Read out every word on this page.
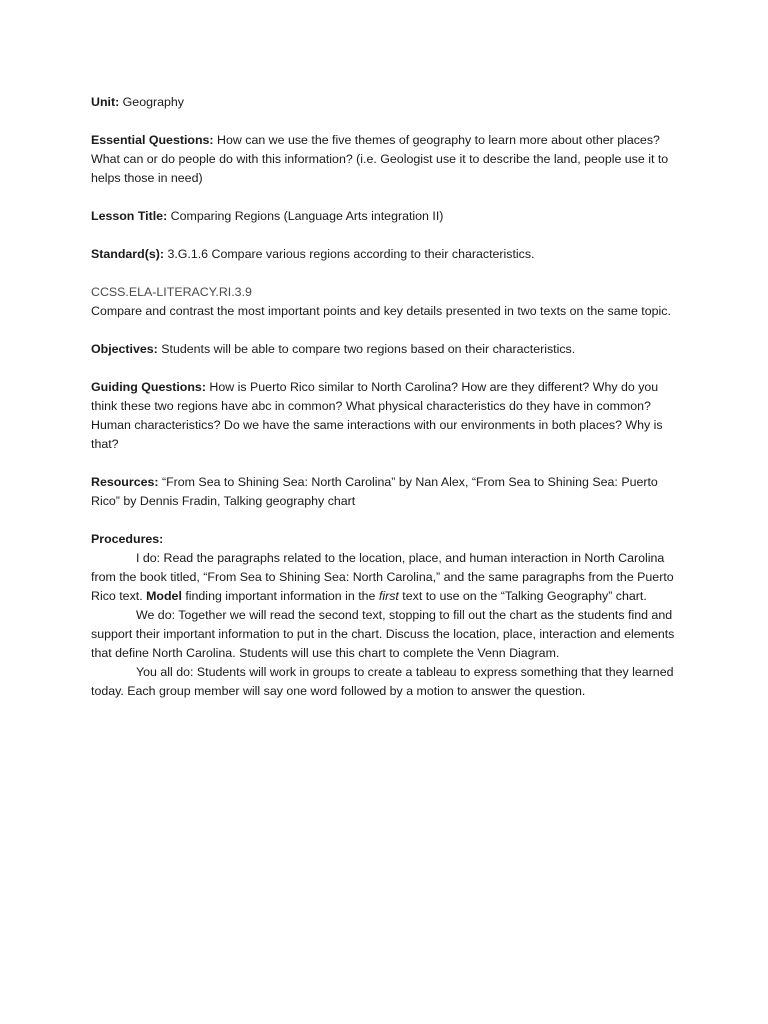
Unit: Geography

Essential Questions: How can we use the five themes of geography to learn more about other places? What can or do people do with this information? (i.e. Geologist use it to describe the land, people use it to helps those in need)

Lesson Title: Comparing Regions (Language Arts integration II)

Standard(s): 3.G.1.6 Compare various regions according to their characteristics.

CCSS.ELA-LITERACY.RI.3.9
Compare and contrast the most important points and key details presented in two texts on the same topic.

Objectives: Students will be able to compare two regions based on their characteristics.

Guiding Questions: How is Puerto Rico similar to North Carolina? How are they different? Why do you think these two regions have abc in common? What physical characteristics do they have in common? Human characteristics? Do we have the same interactions with our environments in both places? Why is that?

Resources: “From Sea to Shining Sea: North Carolina” by Nan Alex, “From Sea to Shining Sea: Puerto Rico” by Dennis Fradin, Talking geography chart

Procedures:

I do: Read the paragraphs related to the location, place, and human interaction in North Carolina from the book titled, “From Sea to Shining Sea: North Carolina,” and the same paragraphs from the Puerto Rico text. Model finding important information in the first text to use on the “Talking Geography” chart.

We do: Together we will read the second text, stopping to fill out the chart as the students find and support their important information to put in the chart. Discuss the location, place, interaction and elements that define North Carolina. Students will use this chart to complete the Venn Diagram.

You all do: Students will work in groups to create a tableau to express something that they learned today. Each group member will say one word followed by a motion to answer the question.
